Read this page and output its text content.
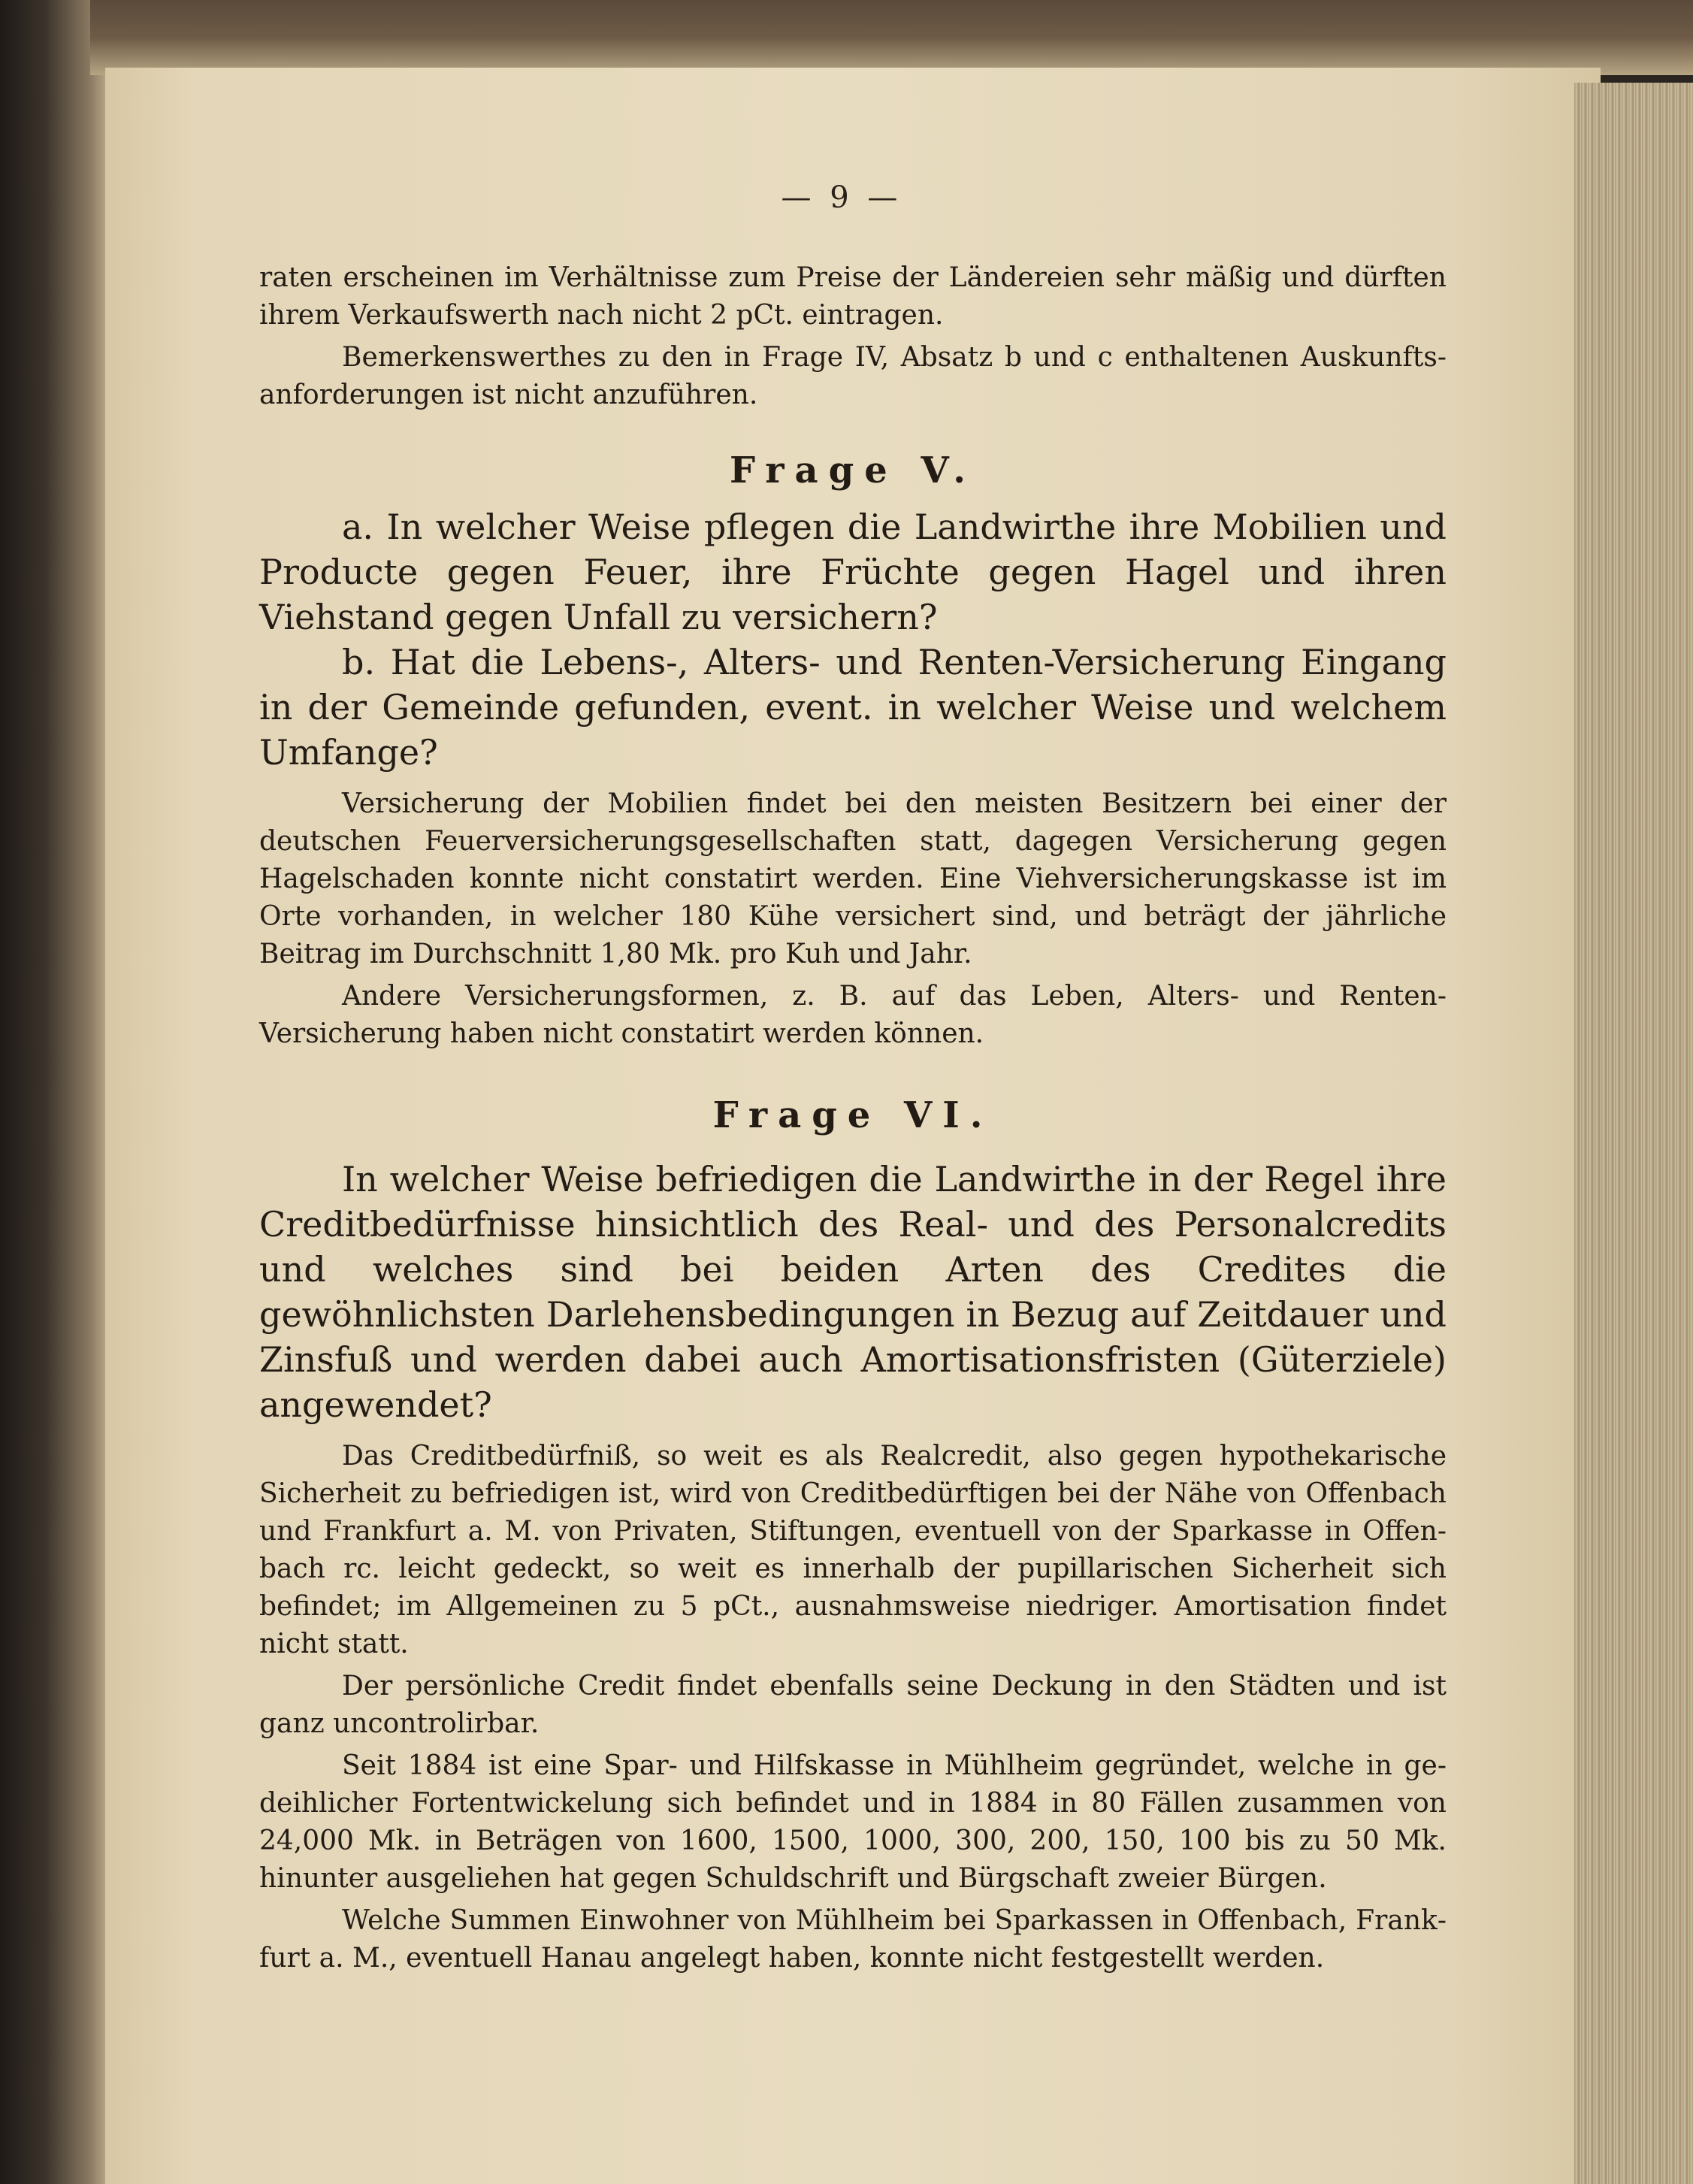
— 9 —

raten erscheinen im Verhältnisse zum Preise der Ländereien sehr mäßig und dürften ihrem Verkaufswerth nach nicht 2 pCt. eintragen.

Bemerkenswerthes zu den in Frage IV, Absatz b und c enthaltenen Auskunftsanforderungen ist nicht anzuführen.

Frage V.

a. In welcher Weise pflegen die Landwirthe ihre Mobilien und Producte gegen Feuer, ihre Früchte gegen Hagel und ihren Viehstand gegen Unfall zu versichern?

b. Hat die Lebens-, Alters- und Renten-Versicherung Eingang in der Gemeinde gefunden, event. in welcher Weise und welchem Umfange?

Versicherung der Mobilien findet bei den meisten Besitzern bei einer der deutschen Feuerversicherungsgesellschaften statt, dagegen Versicherung gegen Hagelschaden konnte nicht constatirt werden. Eine Viehversicherungskasse ist im Orte vorhanden, in welcher 180 Kühe versichert sind, und beträgt der jährliche Beitrag im Durchschnitt 1,80 Mk. pro Kuh und Jahr.

Andere Versicherungsformen, z. B. auf das Leben, Alters- und Renten-Versicherung haben nicht constatirt werden können.

Frage VI.

In welcher Weise befriedigen die Landwirthe in der Regel ihre Creditbedürfnisse hinsichtlich des Real- und des Personalcredits und welches sind bei beiden Arten des Credites die gewöhnlichsten Darlehensbedingungen in Bezug auf Zeitdauer und Zinsfuß und werden dabei auch Amortisationsfristen (Güterziele) angewendet?

Das Creditbedürfniß, so weit es als Realcredit, also gegen hypothekarische Sicherheit zu befriedigen ist, wird von Creditbedürftigen bei der Nähe von Offenbach und Frankfurt a. M. von Privaten, Stiftungen, eventuell von der Sparkasse in Offenbach rc. leicht gedeckt, so weit es innerhalb der pupillarischen Sicherheit sich befindet; im Allgemeinen zu 5 pCt., ausnahmsweise niedriger. Amortisation findet nicht statt.

Der persönliche Credit findet ebenfalls seine Deckung in den Städten und ist ganz uncontrolirbar.

Seit 1884 ist eine Spar- und Hilfskasse in Mühlheim gegründet, welche in gedeihlicher Fortentwickelung sich befindet und in 1884 in 80 Fällen zusammen von 24,000 Mk. in Beträgen von 1600, 1500, 1000, 300, 200, 150, 100 bis zu 50 Mk. hinunter ausgeliehen hat gegen Schuldschrift und Bürgschaft zweier Bürgen.

Welche Summen Einwohner von Mühlheim bei Sparkassen in Offenbach, Frankfurt a. M., eventuell Hanau angelegt haben, konnte nicht festgestellt werden.
